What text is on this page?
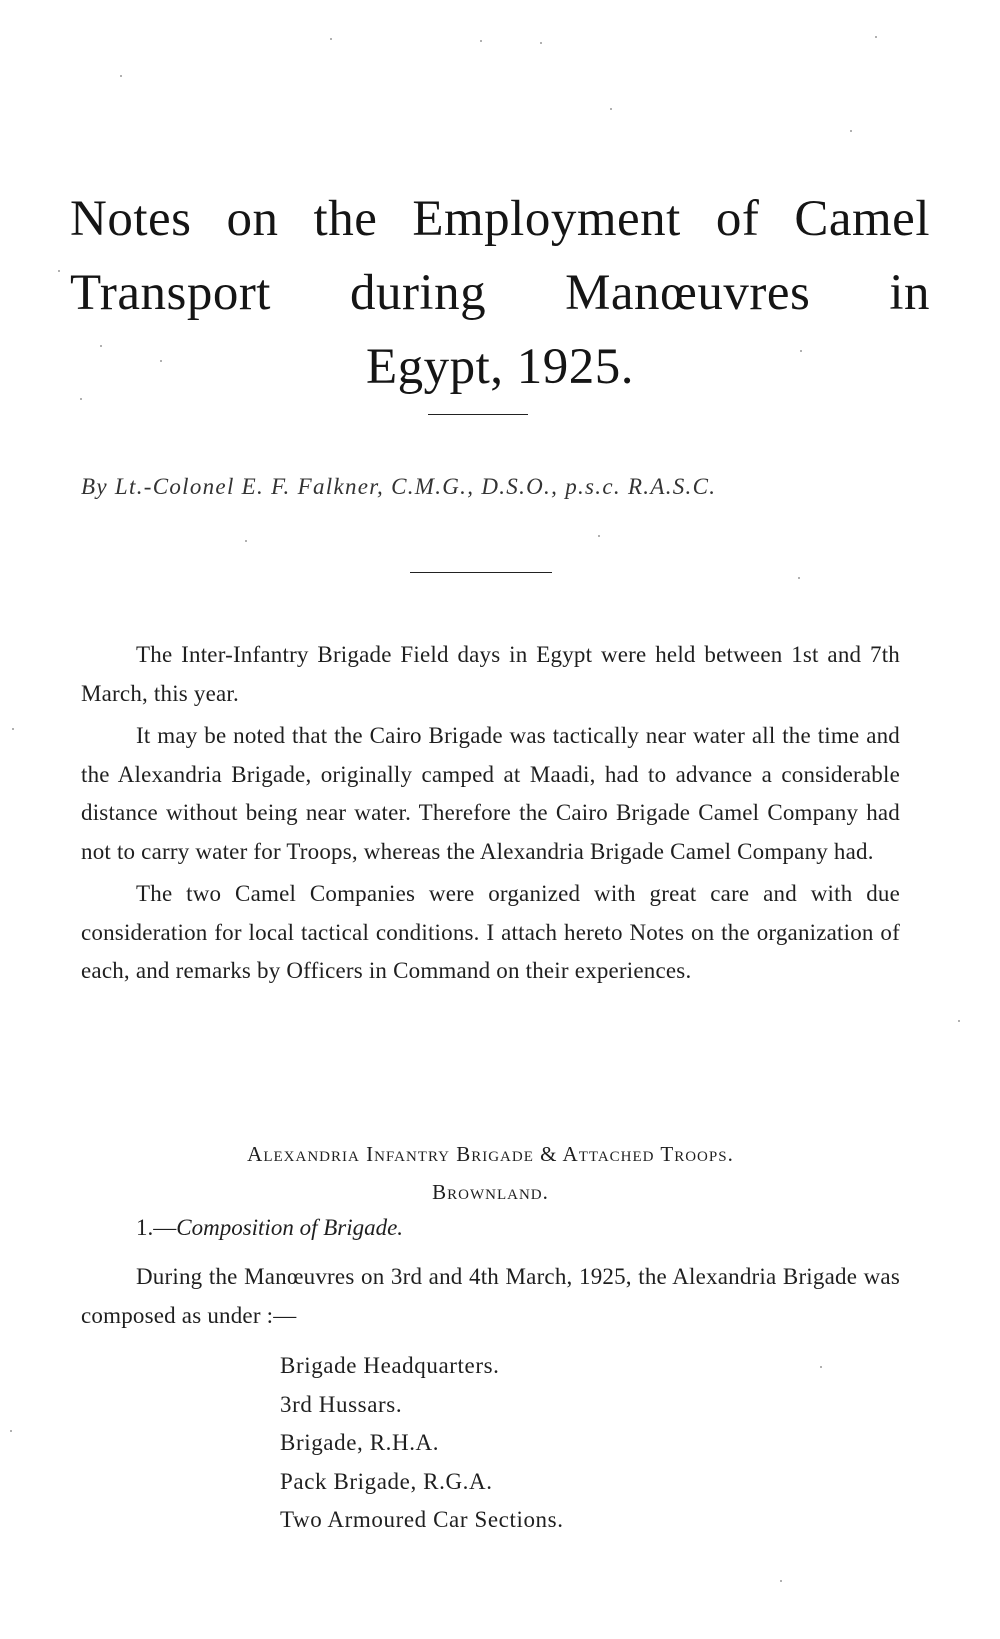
Notes on the Employment of Camel
Transport during Manœuvres in
Egypt, 1925.
By Lt.-Colonel E. F. Falkner, C.M.G., D.S.O., p.s.c. R.A.S.C.

The Inter-Infantry Brigade Field days in Egypt were held between 1st and 7th March, this year.

It may be noted that the Cairo Brigade was tactically near water all the time and the Alexandria Brigade, originally camped at Maadi, had to advance a considerable distance without being near water. Therefore the Cairo Brigade Camel Company had not to carry water for Troops, whereas the Alexandria Brigade Camel Company had.

The two Camel Companies were organized with great care and with due consideration for local tactical conditions. I attach hereto Notes on the organization of each, and remarks by Officers in Command on their experiences.

Alexandria Infantry Brigade & Attached Troops.
Brownland.
1.—Composition of Brigade.

During the Manœuvres on 3rd and 4th March, 1925, the Alexandria Brigade was composed as under :—

Brigade Headquarters.
3rd Hussars.
Brigade, R.H.A.
Pack Brigade, R.G.A.
Two Armoured Car Sections.
